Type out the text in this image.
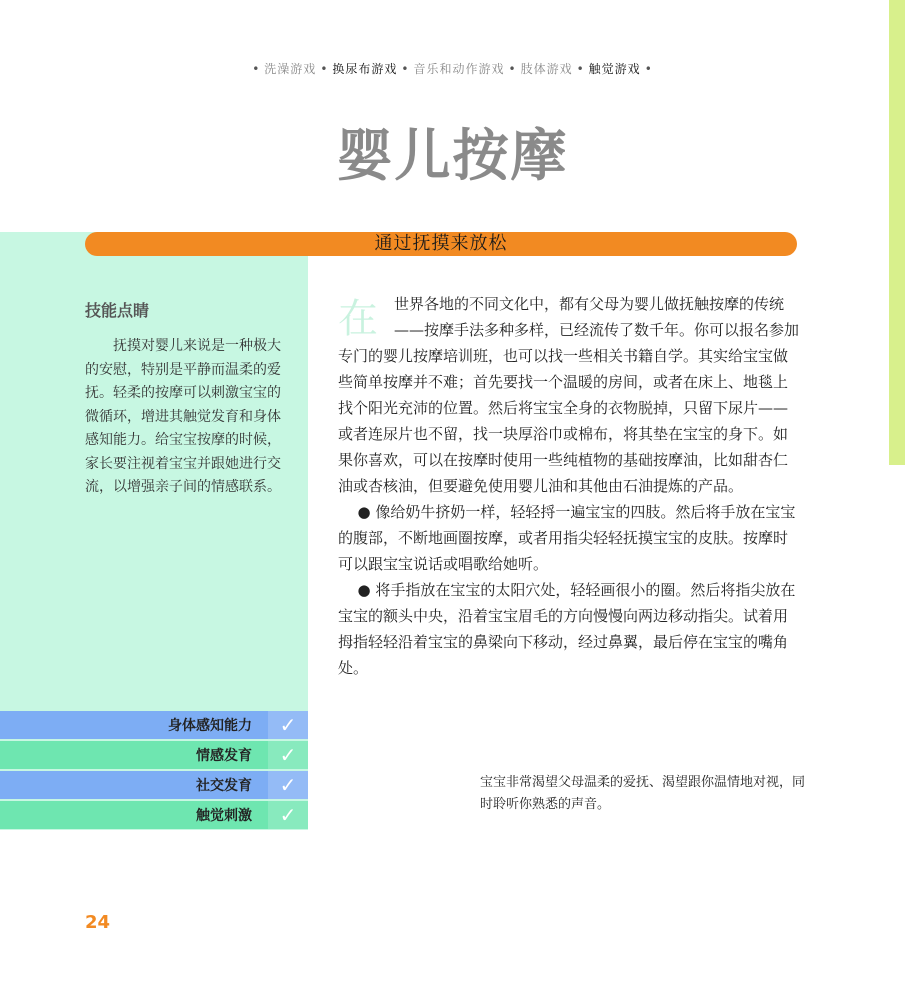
• 洗澡游戏 • 换尿布游戏 • 音乐和动作游戏 • 肢体游戏 • 触觉游戏 •
婴儿按摩
通过抚摸来放松
技能点睛

抚摸对婴儿来说是一种极大的安慰，特别是平静而温柔的爱抚。轻柔的按摩可以刺激宝宝的微循环，增进其触觉发育和身体感知能力。给宝宝按摩的时候，家长要注视着宝宝并跟她进行交流，以增强亲子间的情感联系。

身体感知能力	✓
情感发育	✓
社交发育	✓
触觉刺激	✓

在 世界各地的不同文化中，都有父母为婴儿做抚触按摩的传统——按摩手法多种多样，已经流传了数千年。你可以报名参加专门的婴儿按摩培训班，也可以找一些相关书籍自学。其实给宝宝做些简单按摩并不难；首先要找一个温暖的房间，或者在床上、地毯上找个阳光充沛的位置。然后将宝宝全身的衣物脱掉，只留下尿片——或者连尿片也不留，找一块厚浴巾或棉布，将其垫在宝宝的身下。如果你喜欢，可以在按摩时使用一些纯植物的基础按摩油，比如甜杏仁油或杏核油，但要避免使用婴儿油和其他由石油提炼的产品。

● 像给奶牛挤奶一样，轻轻捋一遍宝宝的四肢。然后将手放在宝宝的腹部，不断地画圈按摩，或者用指尖轻轻抚摸宝宝的皮肤。按摩时可以跟宝宝说话或唱歌给她听。

● 将手指放在宝宝的太阳穴处，轻轻画很小的圈。然后将指尖放在宝宝的额头中央，沿着宝宝眉毛的方向慢慢向两边移动指尖。试着用拇指轻轻沿着宝宝的鼻梁向下移动，经过鼻翼，最后停在宝宝的嘴角处。

宝宝非常渴望父母温柔的爱抚、渴望跟你温情地对视，同时聆听你熟悉的声音。
24
